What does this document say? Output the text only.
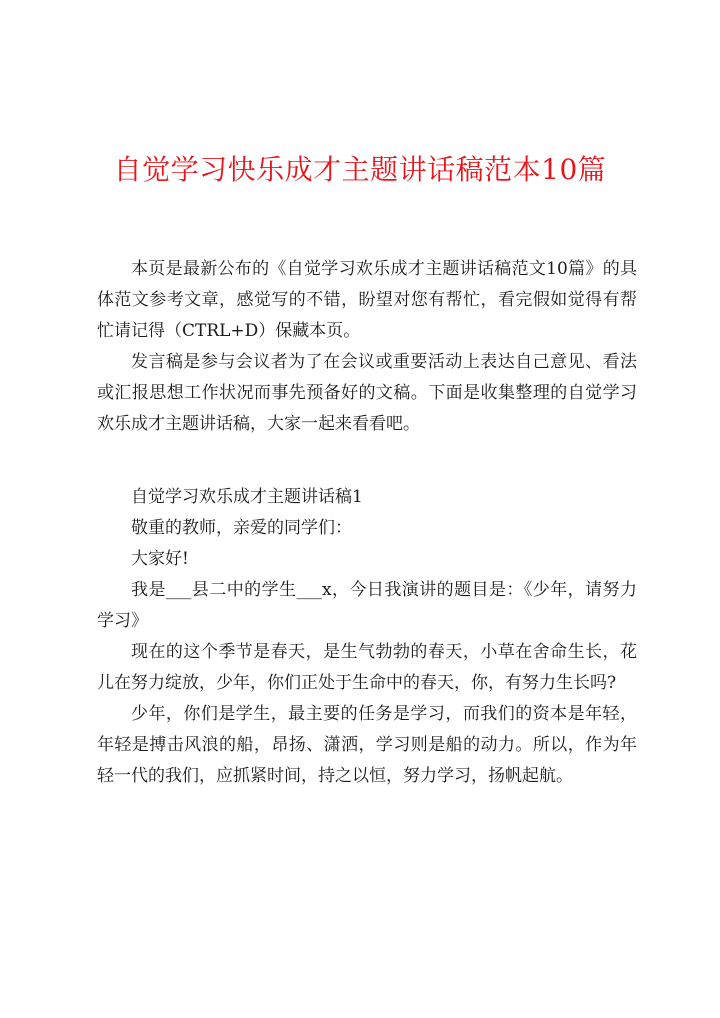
自觉学习快乐成才主题讲话稿范本10篇

本页是最新公布的《自觉学习欢乐成才主题讲话稿范文10篇》的具体范文参考文章，感觉写的不错，盼望对您有帮忙，看完假如觉得有帮忙请记得（CTRL+D）保藏本页。

发言稿是参与会议者为了在会议或重要活动上表达自己意见、看法或汇报思想工作状况而事先预备好的文稿。下面是收集整理的自觉学习欢乐成才主题讲话稿，大家一起来看看吧。

自觉学习欢乐成才主题讲话稿1

敬重的教师，亲爱的同学们：

大家好!

我是___县二中的学生___x，今日我演讲的题目是：《少年，请努力学习》

现在的这个季节是春天，是生气勃勃的春天，小草在舍命生长，花儿在努力绽放，少年，你们正处于生命中的春天，你，有努力生长吗?

少年，你们是学生，最主要的任务是学习，而我们的资本是年轻，年轻是搏击风浪的船，昂扬、潇洒，学习则是船的动力。所以，作为年轻一代的我们，应抓紧时间，持之以恒，努力学习，扬帆起航。
